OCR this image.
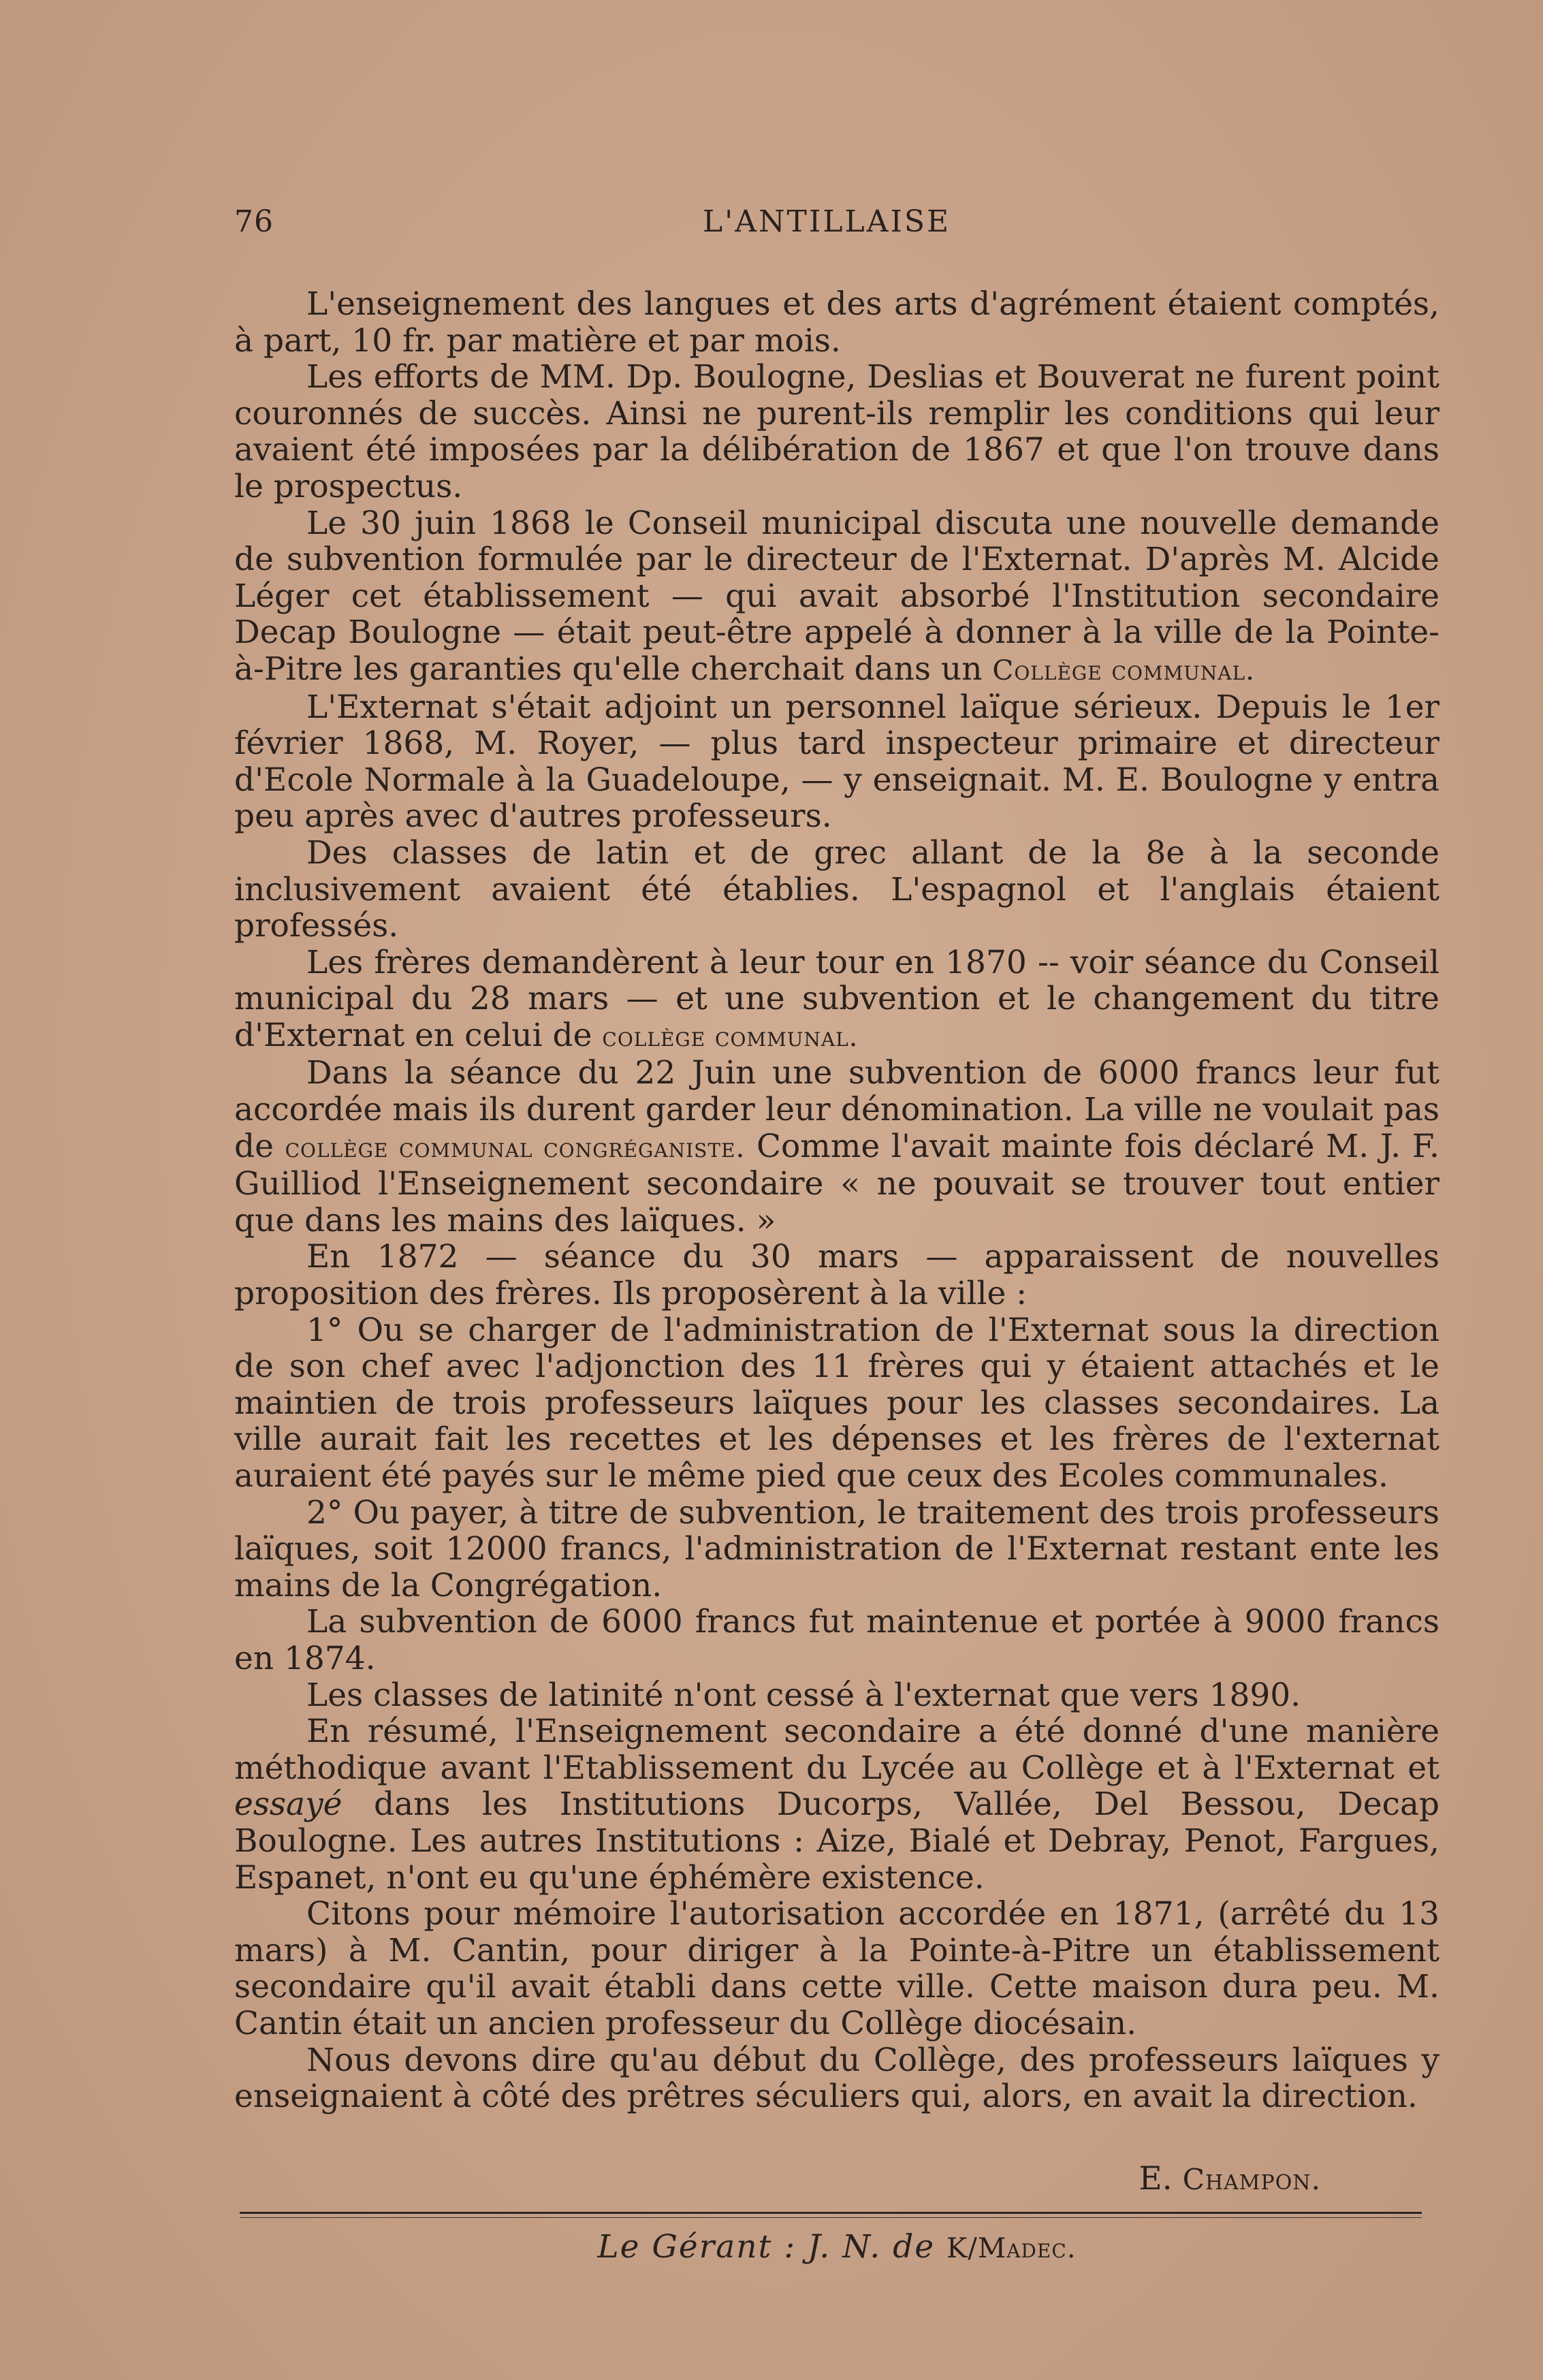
76	L'ANTILLAISE

L'enseignement des langues et des arts d'agrément étaient comptés, à part, 10 fr. par matière et par mois.

Les efforts de MM. Dp. Boulogne, Deslias et Bouverat ne furent point couronnés de succès. Ainsi ne purent-ils remplir les conditions qui leur avaient été imposées par la délibération de 1867 et que l'on trouve dans le prospectus.

Le 30 juin 1868 le Conseil municipal discuta une nouvelle demande de subvention formulée par le directeur de l'Externat. D'après M. Alcide Léger cet établissement — qui avait absorbé l'Institution secondaire Decap Boulogne — était peut-être appelé à donner à la ville de la Pointe-à-Pitre les garanties qu'elle cherchait dans un Collège communal.

L'Externat s'était adjoint un personnel laïque sérieux. Depuis le 1er février 1868, M. Royer, — plus tard inspecteur primaire et directeur d'Ecole Normale à la Guadeloupe, — y enseignait. M. E. Boulogne y entra peu après avec d'autres professeurs.

Des classes de latin et de grec allant de la 8e à la seconde inclusivement avaient été établies. L'espagnol et l'anglais étaient professés.

Les frères demandèrent à leur tour en 1870 -- voir séance du Conseil municipal du 28 mars — et une subvention et le changement du titre d'Externat en celui de collège communal.

Dans la séance du 22 Juin une subvention de 6000 francs leur fut accordée mais ils durent garder leur dénomination. La ville ne voulait pas de collège communal congréganiste. Comme l'avait mainte fois déclaré M. J. F. Guilliod l'Enseignement secondaire « ne pouvait se trouver tout entier que dans les mains des laïques. »

En 1872 — séance du 30 mars — apparaissent de nouvelles proposition des frères. Ils proposèrent à la ville :

1° Ou se charger de l'administration de l'Externat sous la direction de son chef avec l'adjonction des 11 frères qui y étaient attachés et le maintien de trois professeurs laïques pour les classes secondaires. La ville aurait fait les recettes et les dépenses et les frères de l'externat auraient été payés sur le même pied que ceux des Ecoles communales.

2° Ou payer, à titre de subvention, le traitement des trois professeurs laïques, soit 12000 francs, l'administration de l'Externat restant ente les mains de la Congrégation.

La subvention de 6000 francs fut maintenue et portée à 9000 francs en 1874.

Les classes de latinité n'ont cessé à l'externat que vers 1890.

En résumé, l'Enseignement secondaire a été donné d'une manière méthodique avant l'Etablissement du Lycée au Collège et à l'Externat et essayé dans les Institutions Ducorps, Vallée, Del Bessou, Decap Boulogne. Les autres Institutions : Aize, Bialé et Debray, Penot, Fargues, Espanet, n'ont eu qu'une éphémère existence.

Citons pour mémoire l'autorisation accordée en 1871, (arrêté du 13 mars) à M. Cantin, pour diriger à la Pointe-à-Pitre un établissement secondaire qu'il avait établi dans cette ville. Cette maison dura peu. M. Cantin était un ancien professeur du Collège diocésain.

Nous devons dire qu'au début du Collège, des professeurs laïques y enseignaient à côté des prêtres séculiers qui, alors, en avait la direction.

E. Champon.
Le Gérant : J. N. de K/Madec.
